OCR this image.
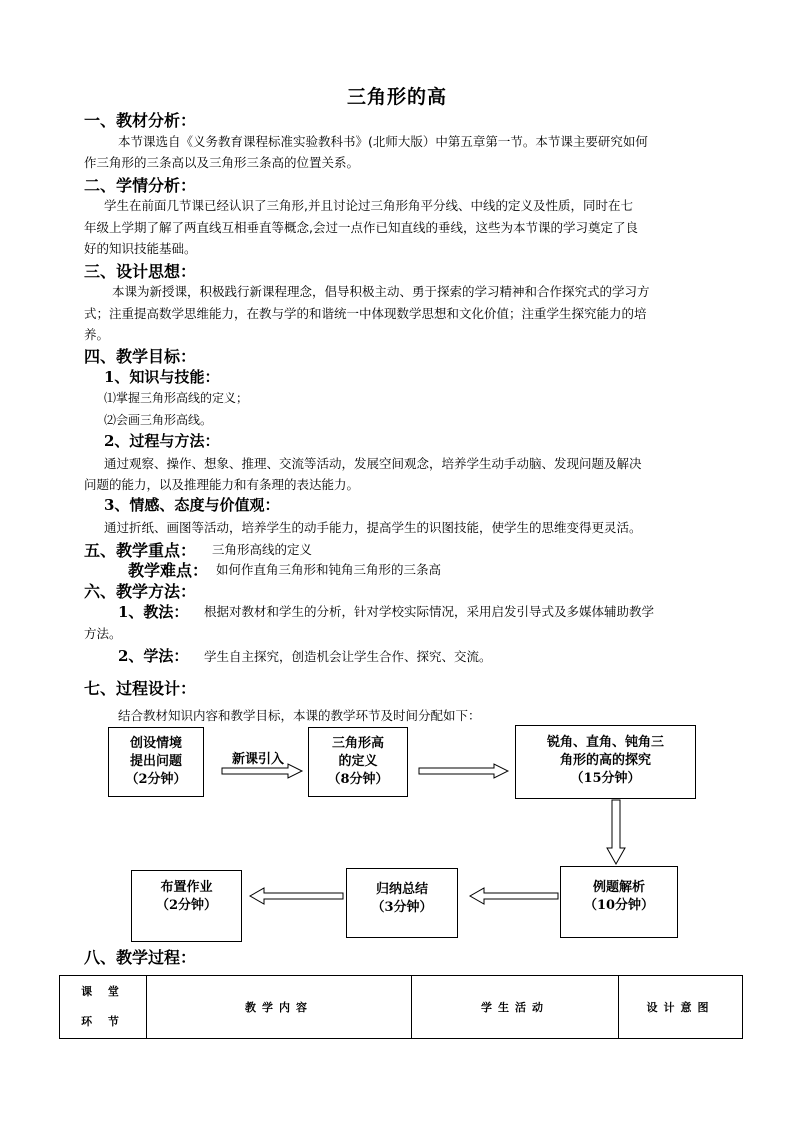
三角形的高
一、教材分析：
本节课选自《义务教育课程标准实验教科书》(北师大版）中第五章第一节。本节课主要研究如何
作三角形的三条高以及三角形三条高的位置关系。
二、学情分析：
学生在前面几节课已经认识了三角形,并且讨论过三角形角平分线、中线的定义及性质，同时在七
年级上学期了解了两直线互相垂直等概念,会过一点作已知直线的垂线，这些为本节课的学习奠定了良
好的知识技能基础。
三、设计思想：
本课为新授课，积极践行新课程理念，倡导积极主动、勇于探索的学习精神和合作探究式的学习方
式；注重提高数学思维能力，在教与学的和谐统一中体现数学思想和文化价值；注重学生探究能力的培
养。
四、教学目标：
1、知识与技能：
⑴掌握三角形高线的定义；
⑵会画三角形高线。
2、过程与方法：
通过观察、操作、想象、推理、交流等活动，发展空间观念，培养学生动手动脑、发现问题及解决
问题的能力，以及推理能力和有条理的表达能力。
3、情感、态度与价值观：
通过折纸、画图等活动，培养学生的动手能力，提高学生的识图技能，使学生的思维变得更灵活。
五、教学重点： 三角形高线的定义
教学难点： 如何作直角三角形和钝角三角形的三条高
六、教学方法：
1、教法： 根据对教材和学生的分析，针对学校实际情况，采用启发引导式及多媒体辅助教学
方法。
2、学法： 学生自主探究，创造机会让学生合作、探究、交流。
七、过程设计：
结合教材知识内容和教学目标，本课的教学环节及时间分配如下：
创设情境
提出问题
（2分钟）
新课引入
三角形高
的定义
（8分钟）
锐角、直角、钝角三
角形的高的探究
（15分钟）
例题解析
（10分钟）
归纳总结
（3分钟）
布置作业
（2分钟）
八、教学过程：
课 堂
环 节
	教学内容	学生活动	设计意图
